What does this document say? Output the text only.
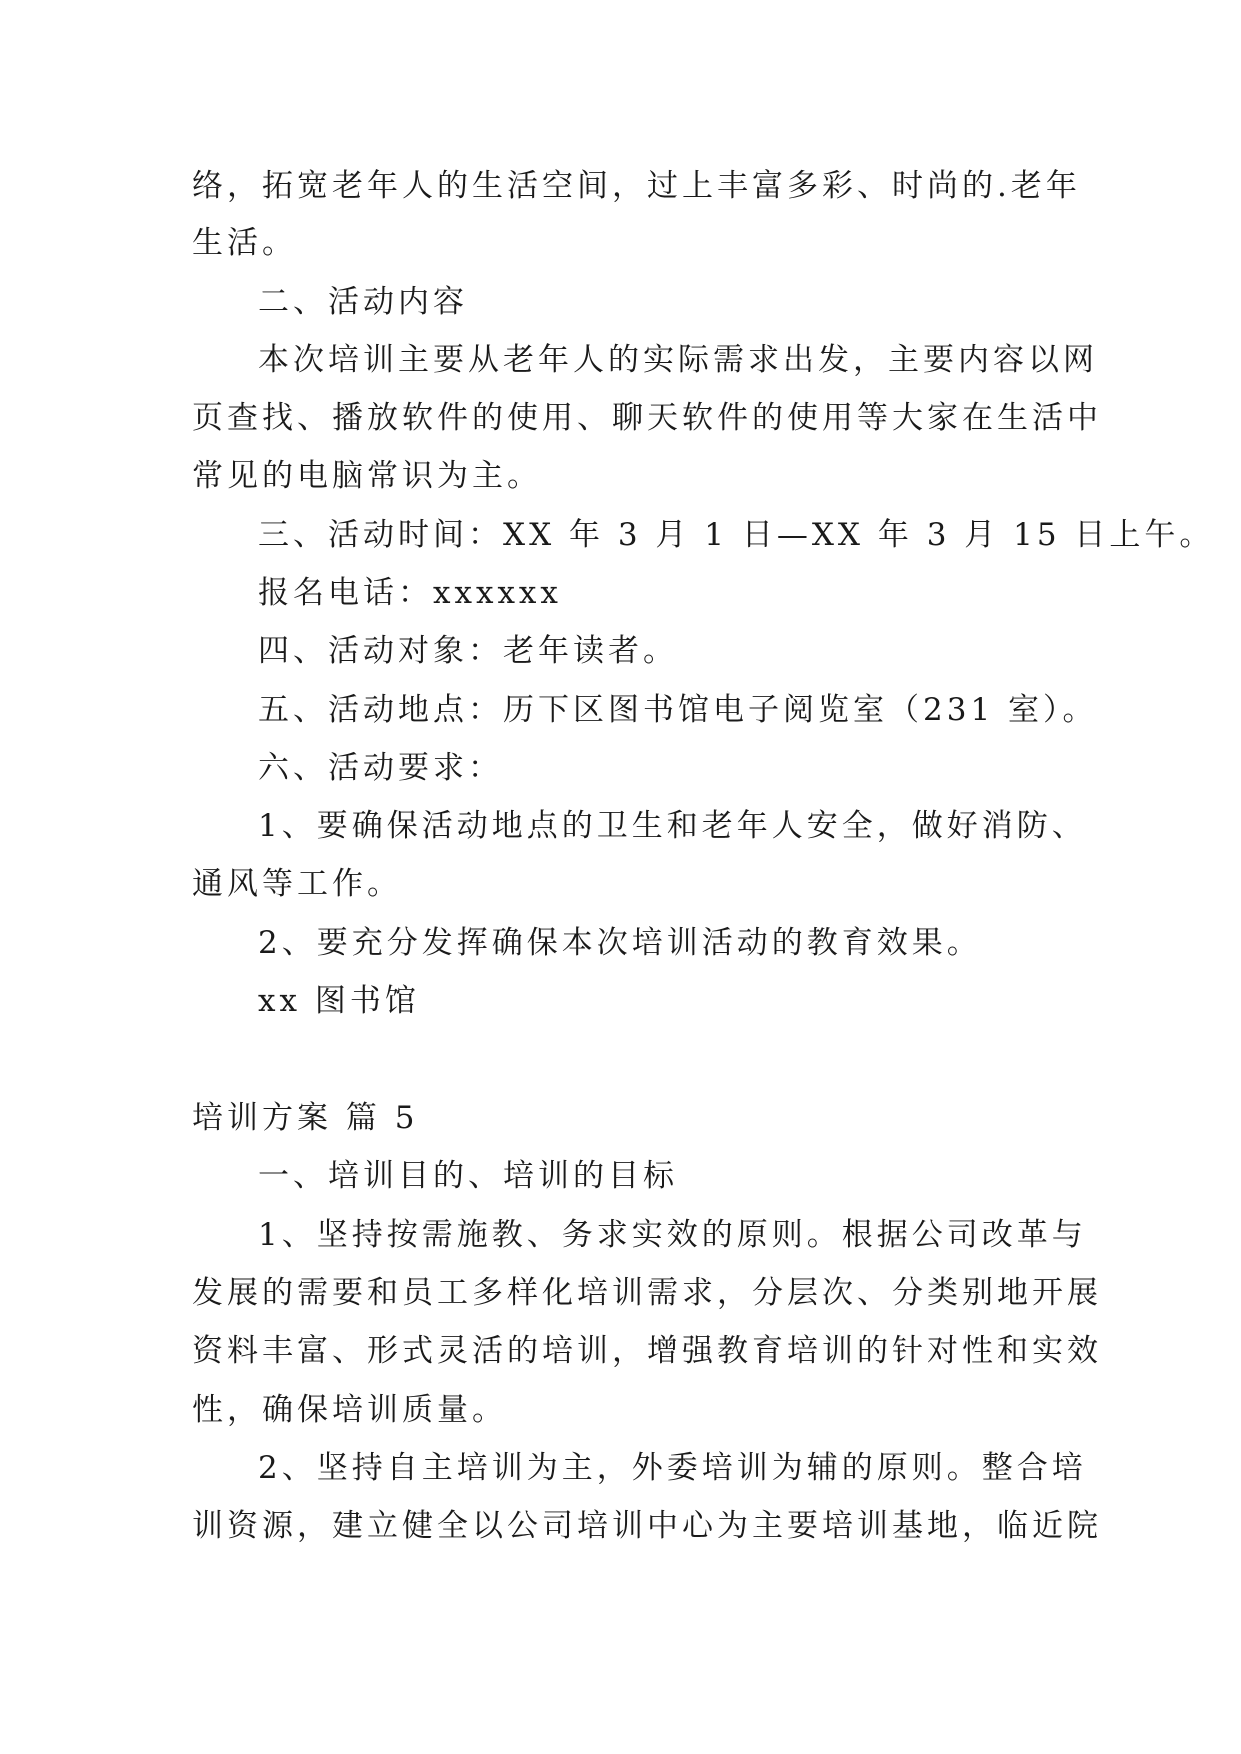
络，拓宽老年人的生活空间，过上丰富多彩、时尚的.老年
生活。
二、活动内容
本次培训主要从老年人的实际需求出发，主要内容以网
页查找、播放软件的使用、聊天软件的使用等大家在生活中
常见的电脑常识为主。
三、活动时间：XX 年 3 月 1 日—XX 年 3 月 15 日上午。
报名电话：xxxxxx
四、活动对象：老年读者。
五、活动地点：历下区图书馆电子阅览室（231 室）。
六、活动要求：
1、要确保活动地点的卫生和老年人安全，做好消防、
通风等工作。
2、要充分发挥确保本次培训活动的教育效果。
xx 图书馆
培训方案 篇 5
一、培训目的、培训的目标
1、坚持按需施教、务求实效的原则。根据公司改革与
发展的需要和员工多样化培训需求，分层次、分类别地开展
资料丰富、形式灵活的培训，增强教育培训的针对性和实效
性，确保培训质量。
2、坚持自主培训为主，外委培训为辅的原则。整合培
训资源，建立健全以公司培训中心为主要培训基地，临近院
